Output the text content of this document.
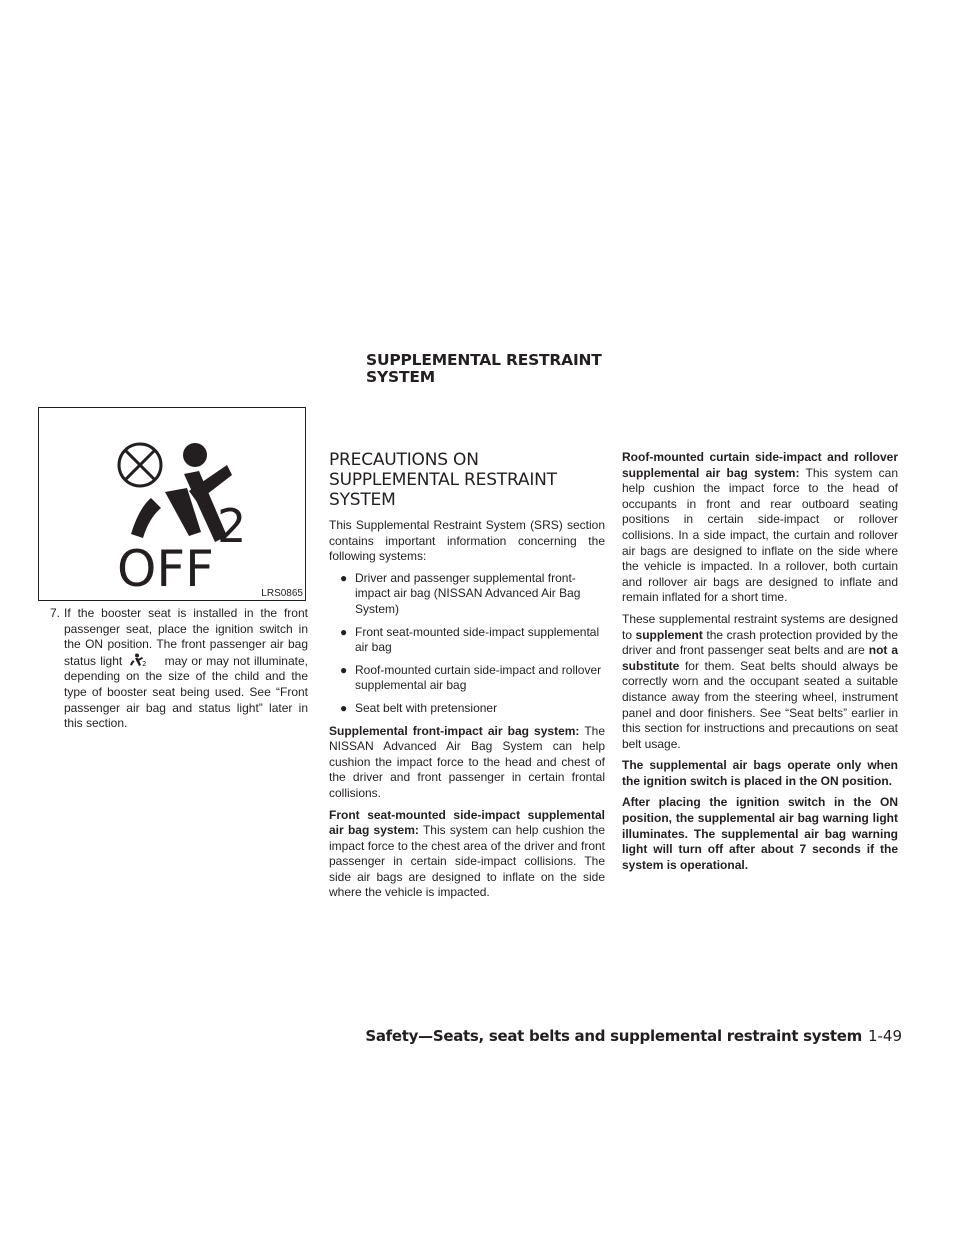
SUPPLEMENTAL RESTRAINT
SYSTEM
2
OFF	LRS0865
7. If the booster seat is installed in the front passenger seat, place the ignition switch in the ON position. The front passenger air bag status light	2 may or may not illuminate, depending on the size of the child and the type of booster seat being used. See “Front passenger air bag and status light” later in this section.
PRECAUTIONS ON SUPPLEMENTAL RESTRAINT SYSTEM

This Supplemental Restraint System (SRS) section contains important information concerning the following systems:

● Driver and passenger supplemental front-impact air bag (NISSAN Advanced Air Bag System)
● Front seat-mounted side-impact supplemental air bag
● Roof-mounted curtain side-impact and rollover supplemental air bag
● Seat belt with pretensioner

Supplemental front-impact air bag system: The NISSAN Advanced Air Bag System can help cushion the impact force to the head and chest of the driver and front passenger in certain frontal collisions.

Front seat-mounted side-impact supplemental air bag system: This system can help cushion the impact force to the chest area of the driver and front passenger in certain side-impact collisions. The side air bags are designed to inflate on the side where the vehicle is impacted.

Roof-mounted curtain side-impact and rollover supplemental air bag system: This system can help cushion the impact force to the head of occupants in front and rear outboard seating positions in certain side-impact or rollover collisions. In a side impact, the curtain and rollover air bags are designed to inflate on the side where the vehicle is impacted. In a rollover, both curtain and rollover air bags are designed to inflate and remain inflated for a short time.

These supplemental restraint systems are designed to supplement the crash protection provided by the driver and front passenger seat belts and are not a substitute for them. Seat belts should always be correctly worn and the occupant seated a suitable distance away from the steering wheel, instrument panel and door finishers. See “Seat belts” earlier in this section for instructions and precautions on seat belt usage.

The supplemental air bags operate only when the ignition switch is placed in the ON position.

After placing the ignition switch in the ON position, the supplemental air bag warning light illuminates. The supplemental air bag warning light will turn off after about 7 seconds if the system is operational.

Safety—Seats, seat belts and supplemental restraint system 1-49
